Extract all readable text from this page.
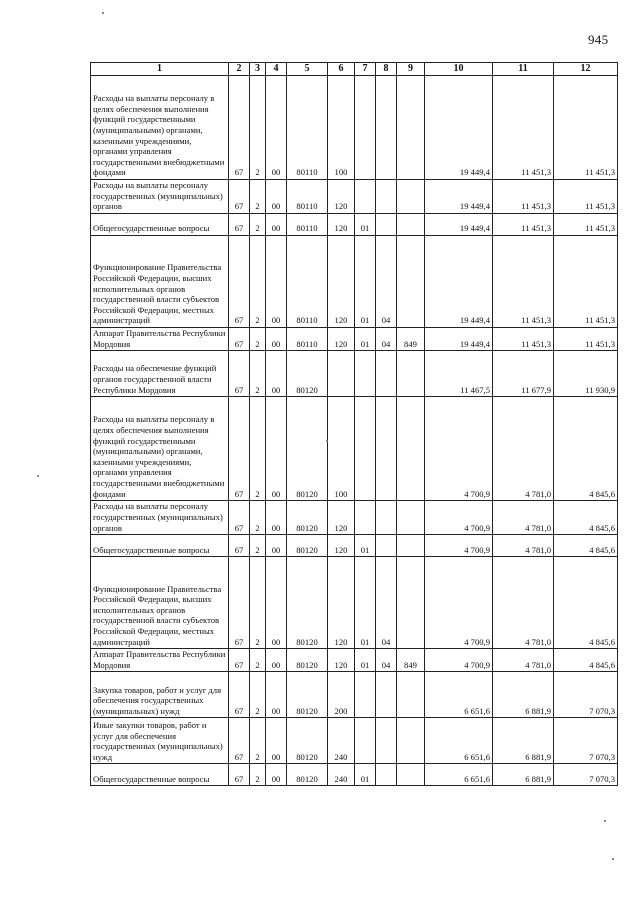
945
1	2	3	4	5	6	7	8	9	10	11	12
Расходы на выплаты персоналу в целях обеспечения выполнения функций государственными (муниципальными) органами, казенными учреждениями, органами управления государственными внебюджетными фондами	67	2	00	80110	100				19 449,4	11 451,3	11 451,3
Расходы на выплаты персоналу государственных (муниципальных) органов	67	2	00	80110	120				19 449,4	11 451,3	11 451,3
Общегосударственные вопросы	67	2	00	80110	120	01			19 449,4	11 451,3	11 451,3
Функционирование Правительства Российской Федерации, высших исполнительных органов государственной власти субъектов Российской Федерации, местных администраций	67	2	00	80110	120	01	04		19 449,4	11 451,3	11 451,3
Аппарат Правительства Республики Мордовия	67	2	00	80110	120	01	04	849	19 449,4	11 451,3	11 451,3
Расходы на обеспечение функций органов государственной власти Республики Мордовия	67	2	00	80120					11 467,5	11 677,9	11 930,9
Расходы на выплаты персоналу в целях обеспечения выполнения функций государственными (муниципальными) органами, казенными учреждениями, органами управления государственными внебюджетными фондами	67	2	00	80120	100				4 700,9	4 781,0	4 845,6
Расходы на выплаты персоналу государственных (муниципальных) органов	67	2	00	80120	120				4 700,9	4 781,0	4 845,6
Общегосударственные вопросы	67	2	00	80120	120	01			4 700,9	4 781,0	4 845,6
Функционирование Правительства Российской Федерации, высших исполнительных органов государственной власти субъектов Российской Федерации, местных администраций	67	2	00	80120	120	01	04		4 700,9	4 781,0	4 845,6
Аппарат Правительства Республики Мордовия	67	2	00	80120	120	01	04	849	4 700,9	4 781,0	4 845,6
Закупка товаров, работ и услуг для обеспечения государственных (муниципальных) нужд	67	2	00	80120	200				6 651,6	6 881,9	7 070,3
Иные закупки товаров, работ и услуг для обеспечения государственных (муниципальных) нужд	67	2	00	80120	240				6 651,6	6 881,9	7 070,3
Общегосударственные вопросы	67	2	00	80120	240	01			6 651,6	6 881,9	7 070,3
